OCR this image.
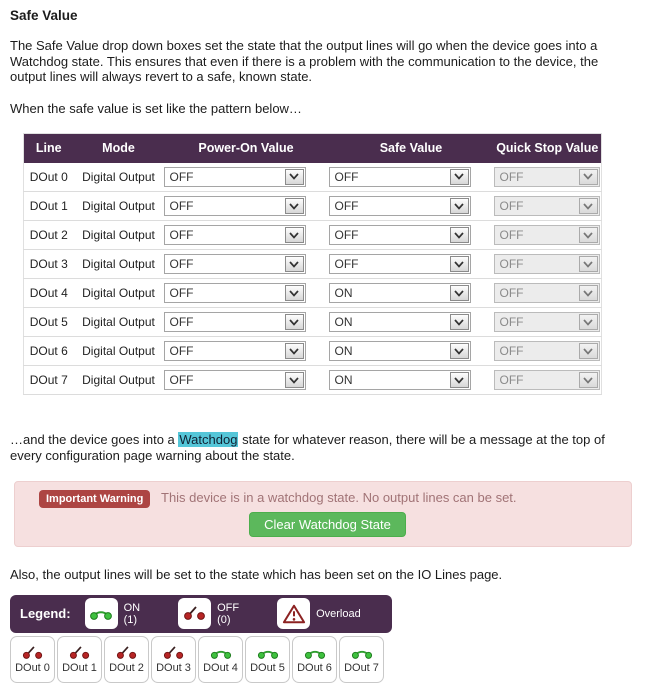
Safe Value

The Safe Value drop down boxes set the state that the output lines will go when the device goes into a Watchdog state. This ensures that even if there is a problem with the communication to the device, the output lines will always revert to a safe, known state.

When the safe value is set like the pattern below…

Line	Mode	Power-On Value	Safe Value	Quick Stop Value
DOut 0	Digital Output	OFF	OFF	OFF

DOut 1	Digital Output	OFF	OFF	OFF

DOut 2	Digital Output	OFF	OFF	OFF

DOut 3	Digital Output	OFF	OFF	OFF

DOut 4	Digital Output	OFF	ON	OFF

DOut 5	Digital Output	OFF	ON	OFF

DOut 6	Digital Output	OFF	ON	OFF

DOut 7	Digital Output	OFF	ON	OFF

…and the device goes into a Watchdog state for whatever reason, there will be a message at the top of every configuration page warning about the state.

Important Warning This device is in a watchdog state. No output lines can be set.
Clear Watchdog State

Also, the output lines will be set to the state which has been set on the IO Lines page.

Legend:	ON
(1)
OFF
(0)	Overload
DOut 0 DOut 1 DOut 2 DOut 3 DOut 4 DOut 5 DOut 6 DOut 7
